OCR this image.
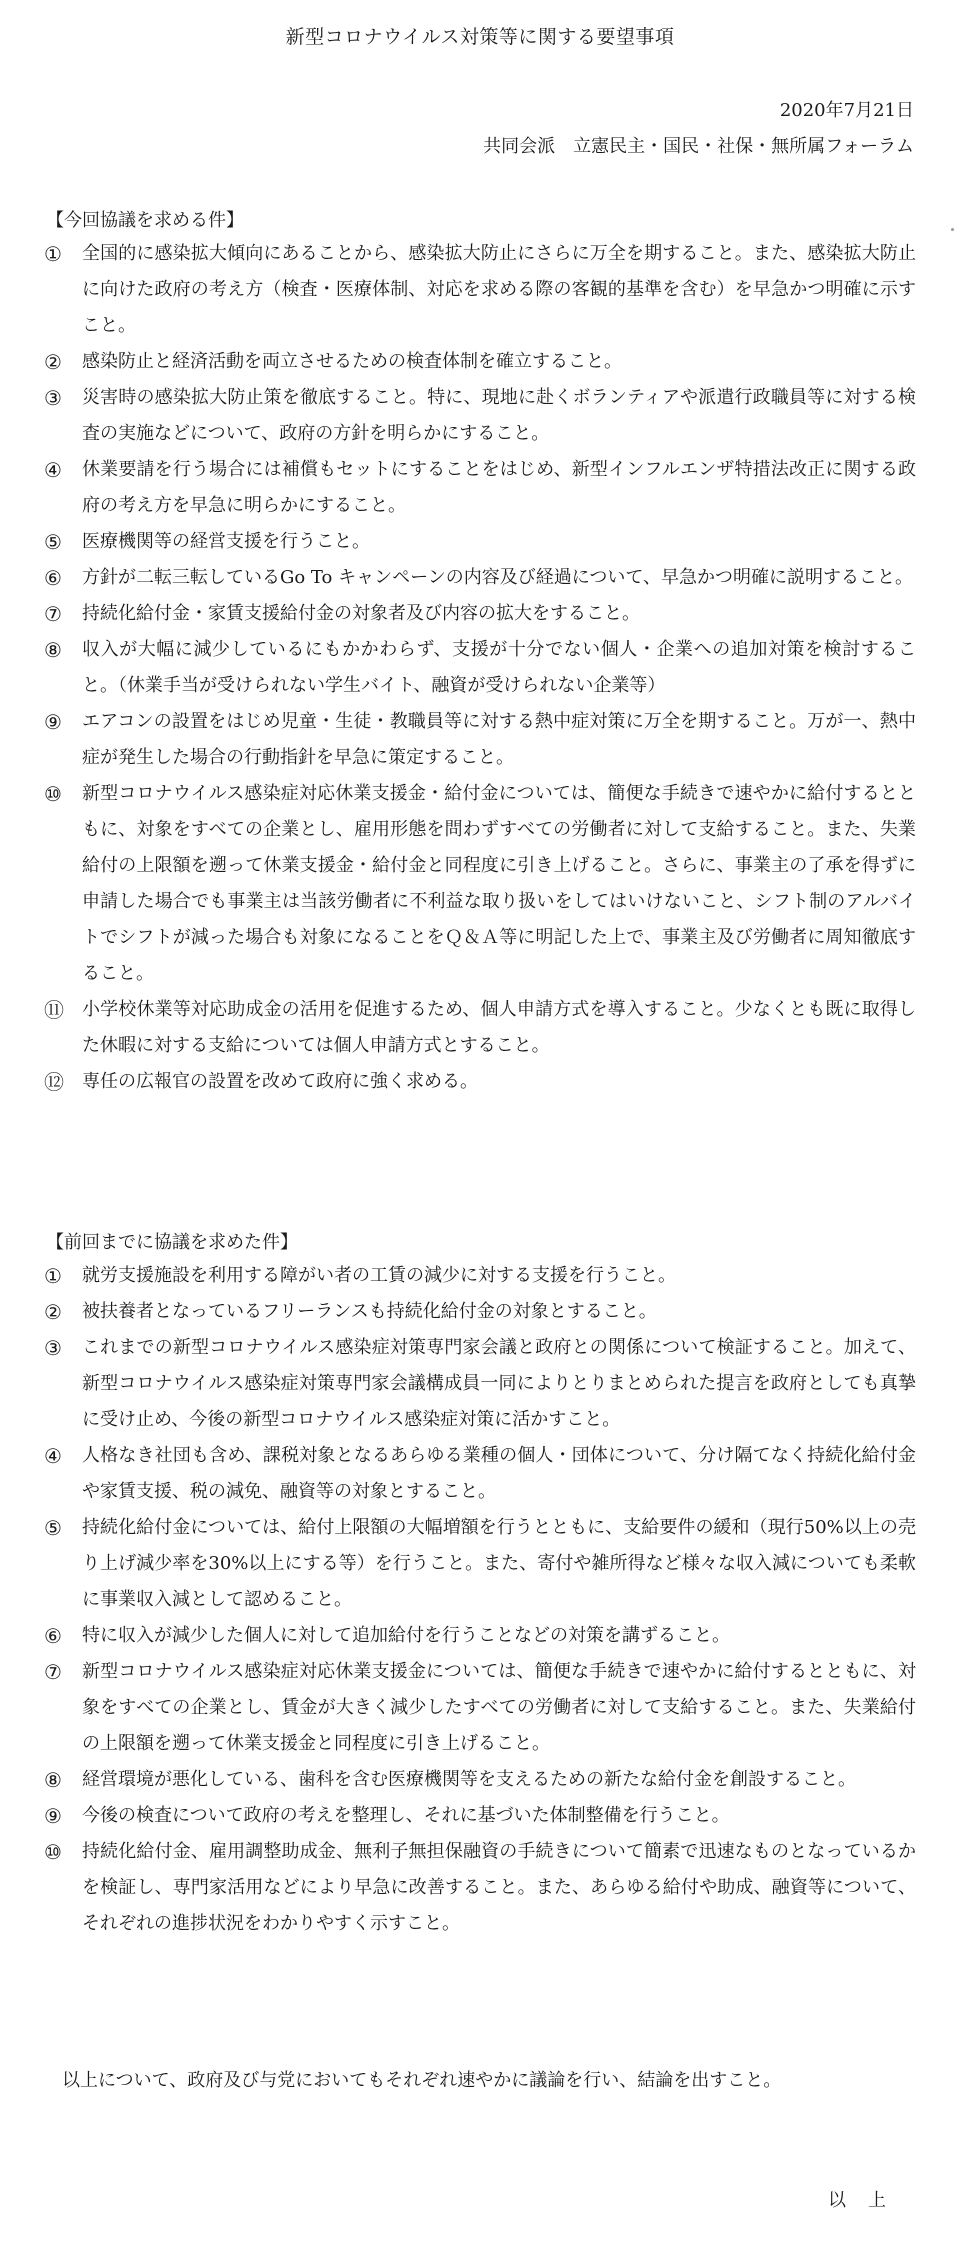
新型コロナウイルス対策等に関する要望事項
2020年7月21日
共同会派　立憲民主・国民・社保・無所属フォーラム
【今回協議を求める件】
①	全国的に感染拡大傾向にあることから、感染拡大防止にさらに万全を期すること。また、感染拡大防止に向けた政府の考え方（検査・医療体制、対応を求める際の客観的基準を含む）を早急かつ明確に示すこと。
②	感染防止と経済活動を両立させるための検査体制を確立すること。
③	災害時の感染拡大防止策を徹底すること。特に、現地に赴くボランティアや派遣行政職員等に対する検査の実施などについて、政府の方針を明らかにすること。
④	休業要請を行う場合には補償もセットにすることをはじめ、新型インフルエンザ特措法改正に関する政府の考え方を早急に明らかにすること。
⑤	医療機関等の経営支援を行うこと。
⑥	方針が二転三転しているGo To キャンペーンの内容及び経過について、早急かつ明確に説明すること。
⑦	持続化給付金・家賃支援給付金の対象者及び内容の拡大をすること。
⑧	収入が大幅に減少しているにもかかわらず、支援が十分でない個人・企業への追加対策を検討すること。（休業手当が受けられない学生バイト、融資が受けられない企業等）
⑨	エアコンの設置をはじめ児童・生徒・教職員等に対する熱中症対策に万全を期すること。万が一、熱中症が発生した場合の行動指針を早急に策定すること。
⑩	新型コロナウイルス感染症対応休業支援金・給付金については、簡便な手続きで速やかに給付するとともに、対象をすべての企業とし、雇用形態を問わずすべての労働者に対して支給すること。また、失業給付の上限額を遡って休業支援金・給付金と同程度に引き上げること。さらに、事業主の了承を得ずに申請した場合でも事業主は当該労働者に不利益な取り扱いをしてはいけないこと、シフト制のアルバイトでシフトが減った場合も対象になることをＱ＆Ａ等に明記した上で、事業主及び労働者に周知徹底すること。
⑪	小学校休業等対応助成金の活用を促進するため、個人申請方式を導入すること。少なくとも既に取得した休暇に対する支給については個人申請方式とすること。
⑫	専任の広報官の設置を改めて政府に強く求める。
【前回までに協議を求めた件】
①	就労支援施設を利用する障がい者の工賃の減少に対する支援を行うこと。
②	被扶養者となっているフリーランスも持続化給付金の対象とすること。
③	これまでの新型コロナウイルス感染症対策専門家会議と政府との関係について検証すること。加えて、新型コロナウイルス感染症対策専門家会議構成員一同によりとりまとめられた提言を政府としても真摯に受け止め、今後の新型コロナウイルス感染症対策に活かすこと。
④	人格なき社団も含め、課税対象となるあらゆる業種の個人・団体について、分け隔てなく持続化給付金や家賃支援、税の減免、融資等の対象とすること。
⑤	持続化給付金については、給付上限額の大幅増額を行うとともに、支給要件の緩和（現行50%以上の売り上げ減少率を30%以上にする等）を行うこと。また、寄付や雑所得など様々な収入減についても柔軟に事業収入減として認めること。
⑥	特に収入が減少した個人に対して追加給付を行うことなどの対策を講ずること。
⑦	新型コロナウイルス感染症対応休業支援金については、簡便な手続きで速やかに給付するとともに、対象をすべての企業とし、賃金が大きく減少したすべての労働者に対して支給すること。また、失業給付の上限額を遡って休業支援金と同程度に引き上げること。
⑧	経営環境が悪化している、歯科を含む医療機関等を支えるための新たな給付金を創設すること。
⑨	今後の検査について政府の考えを整理し、それに基づいた体制整備を行うこと。
⑩	持続化給付金、雇用調整助成金、無利子無担保融資の手続きについて簡素で迅速なものとなっているかを検証し、専門家活用などにより早急に改善すること。また、あらゆる給付や助成、融資等について、それぞれの進捗状況をわかりやすく示すこと。
以上について、政府及び与党においてもそれぞれ速やかに議論を行い、結論を出すこと。
以上
